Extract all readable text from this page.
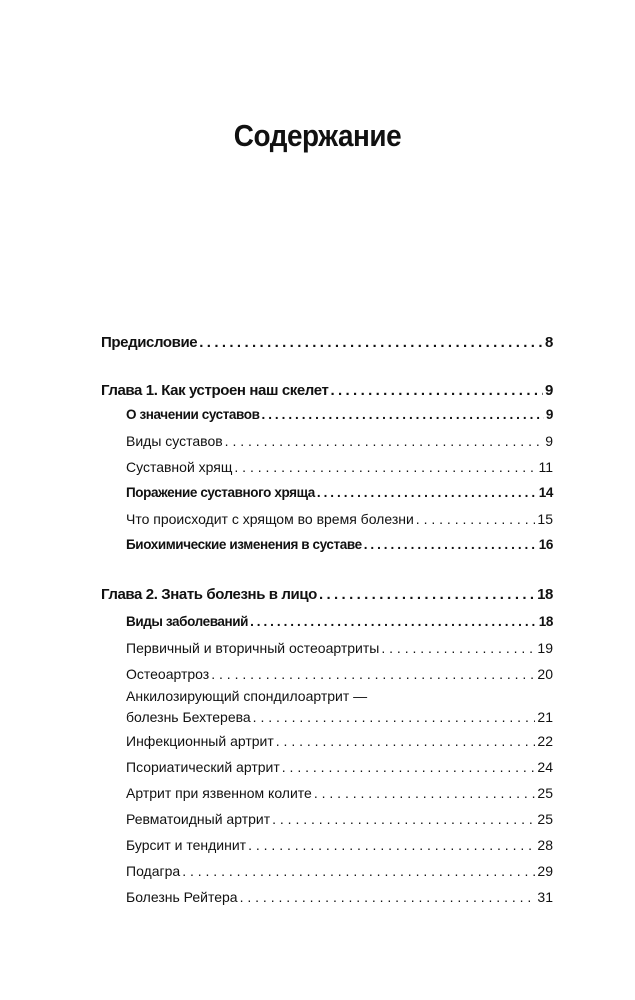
Содержание
Предисловие . . .	8
Глава 1. Как устроен наш скелет . . .	9
О значении суставов . . .	9
Виды суставов . . .	9
Суставной хрящ . . .	11
Поражение суставного хряща . . .	14
Что происходит с хрящом во время болезни . . .	15
Биохимические изменения в суставе . . .	16
Глава 2. Знать болезнь в лицо . . .	18
Виды заболеваний . . .	18
Первичный и вторичный остеоартриты . . .	19
Остеоартроз . . .	20
Анкилозирующий спондилоартрит —
болезнь Бехтерева . . .	21
Инфекционный артрит . . .	22
Псориатический артрит . . .	24
Артрит при язвенном колите . . .	25
Ревматоидный артрит . . .	25
Бурсит и тендинит . . .	28
Подагра . . .	29
Болезнь Рейтера . . .	31
